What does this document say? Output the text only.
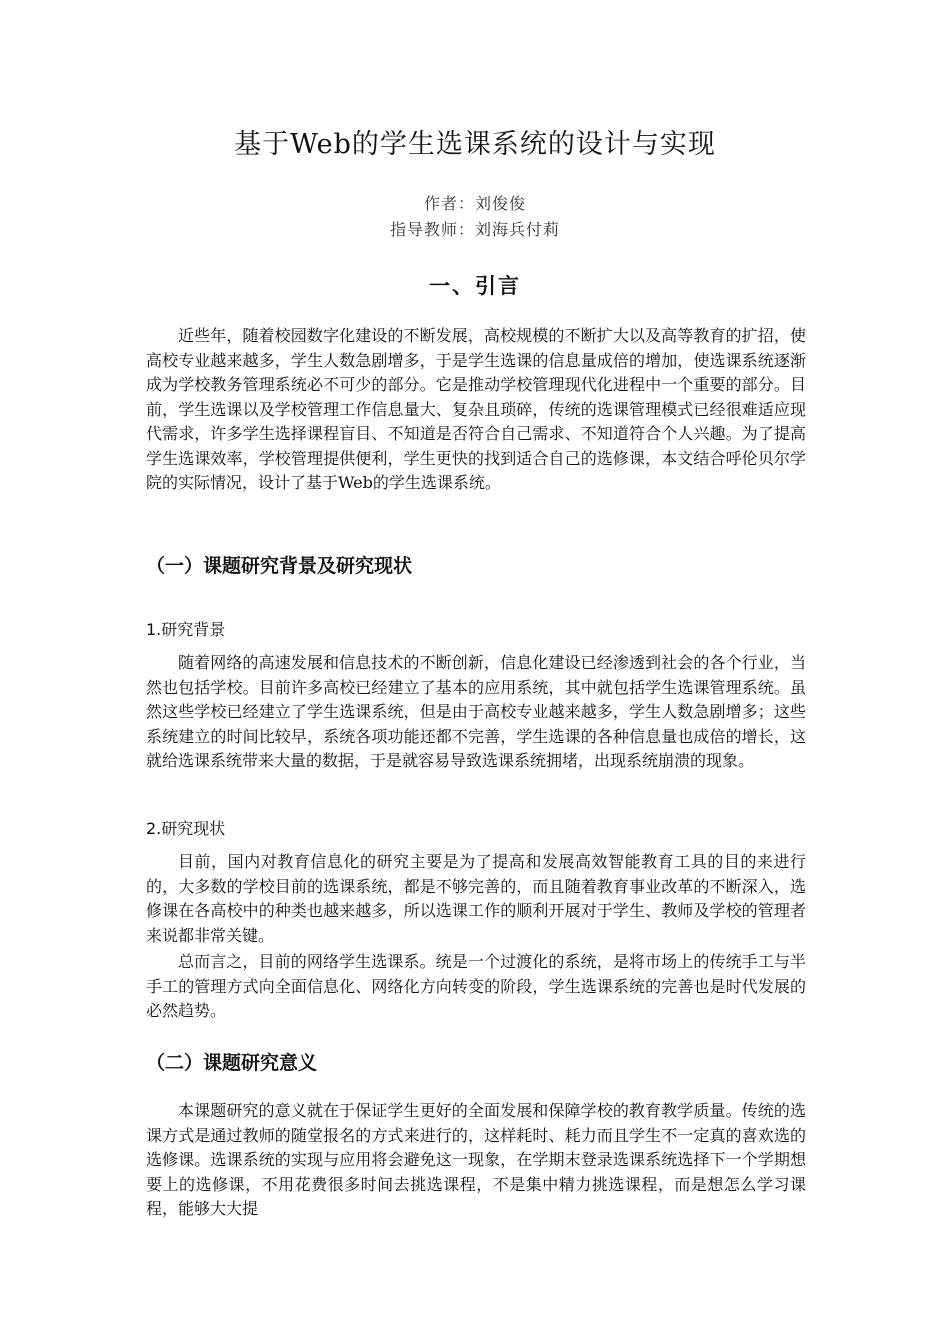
基于Web的学生选课系统的设计与实现
作者：刘俊俊
指导教师：刘海兵付莉
一、引言

近些年，随着校园数字化建设的不断发展，高校规模的不断扩大以及高等教育的扩招，使高校专业越来越多，学生人数急剧增多，于是学生选课的信息量成倍的增加，使选课系统逐渐成为学校教务管理系统必不可少的部分。它是推动学校管理现代化进程中一个重要的部分。目前，学生选课以及学校管理工作信息量大、复杂且琐碎，传统的选课管理模式已经很难适应现代需求，许多学生选择课程盲目、不知道是否符合自己需求、不知道符合个人兴趣。为了提高学生选课效率，学校管理提供便利，学生更快的找到适合自己的选修课，本文结合呼伦贝尔学院的实际情况，设计了基于Web的学生选课系统。

（一）课题研究背景及研究现状
1.研究背景

随着网络的高速发展和信息技术的不断创新，信息化建设已经渗透到社会的各个行业，当然也包括学校。目前许多高校已经建立了基本的应用系统，其中就包括学生选课管理系统。虽然这些学校已经建立了学生选课系统，但是由于高校专业越来越多，学生人数急剧增多；这些系统建立的时间比较早，系统各项功能还都不完善，学生选课的各种信息量也成倍的增长，这就给选课系统带来大量的数据，于是就容易导致选课系统拥堵，出现系统崩溃的现象。

2.研究现状

目前，国内对教育信息化的研究主要是为了提高和发展高效智能教育工具的目的来进行的，大多数的学校目前的选课系统，都是不够完善的，而且随着教育事业改革的不断深入，选修课在各高校中的种类也越来越多，所以选课工作的顺利开展对于学生、教师及学校的管理者来说都非常关键。

总而言之，目前的网络学生选课系。统是一个过渡化的系统，是将市场上的传统手工与半手工的管理方式向全面信息化、网络化方向转变的阶段，学生选课系统的完善也是时代发展的必然趋势。

（二）课题研究意义

本课题研究的意义就在于保证学生更好的全面发展和保障学校的教育教学质量。传统的选课方式是通过教师的随堂报名的方式来进行的，这样耗时、耗力而且学生不一定真的喜欢选的选修课。选课系统的实现与应用将会避免这一现象，在学期末登录选课系统选择下一个学期想要上的选修课，不用花费很多时间去挑选课程，不是集中精力挑选课程，而是想怎么学习课程，能够大大提
